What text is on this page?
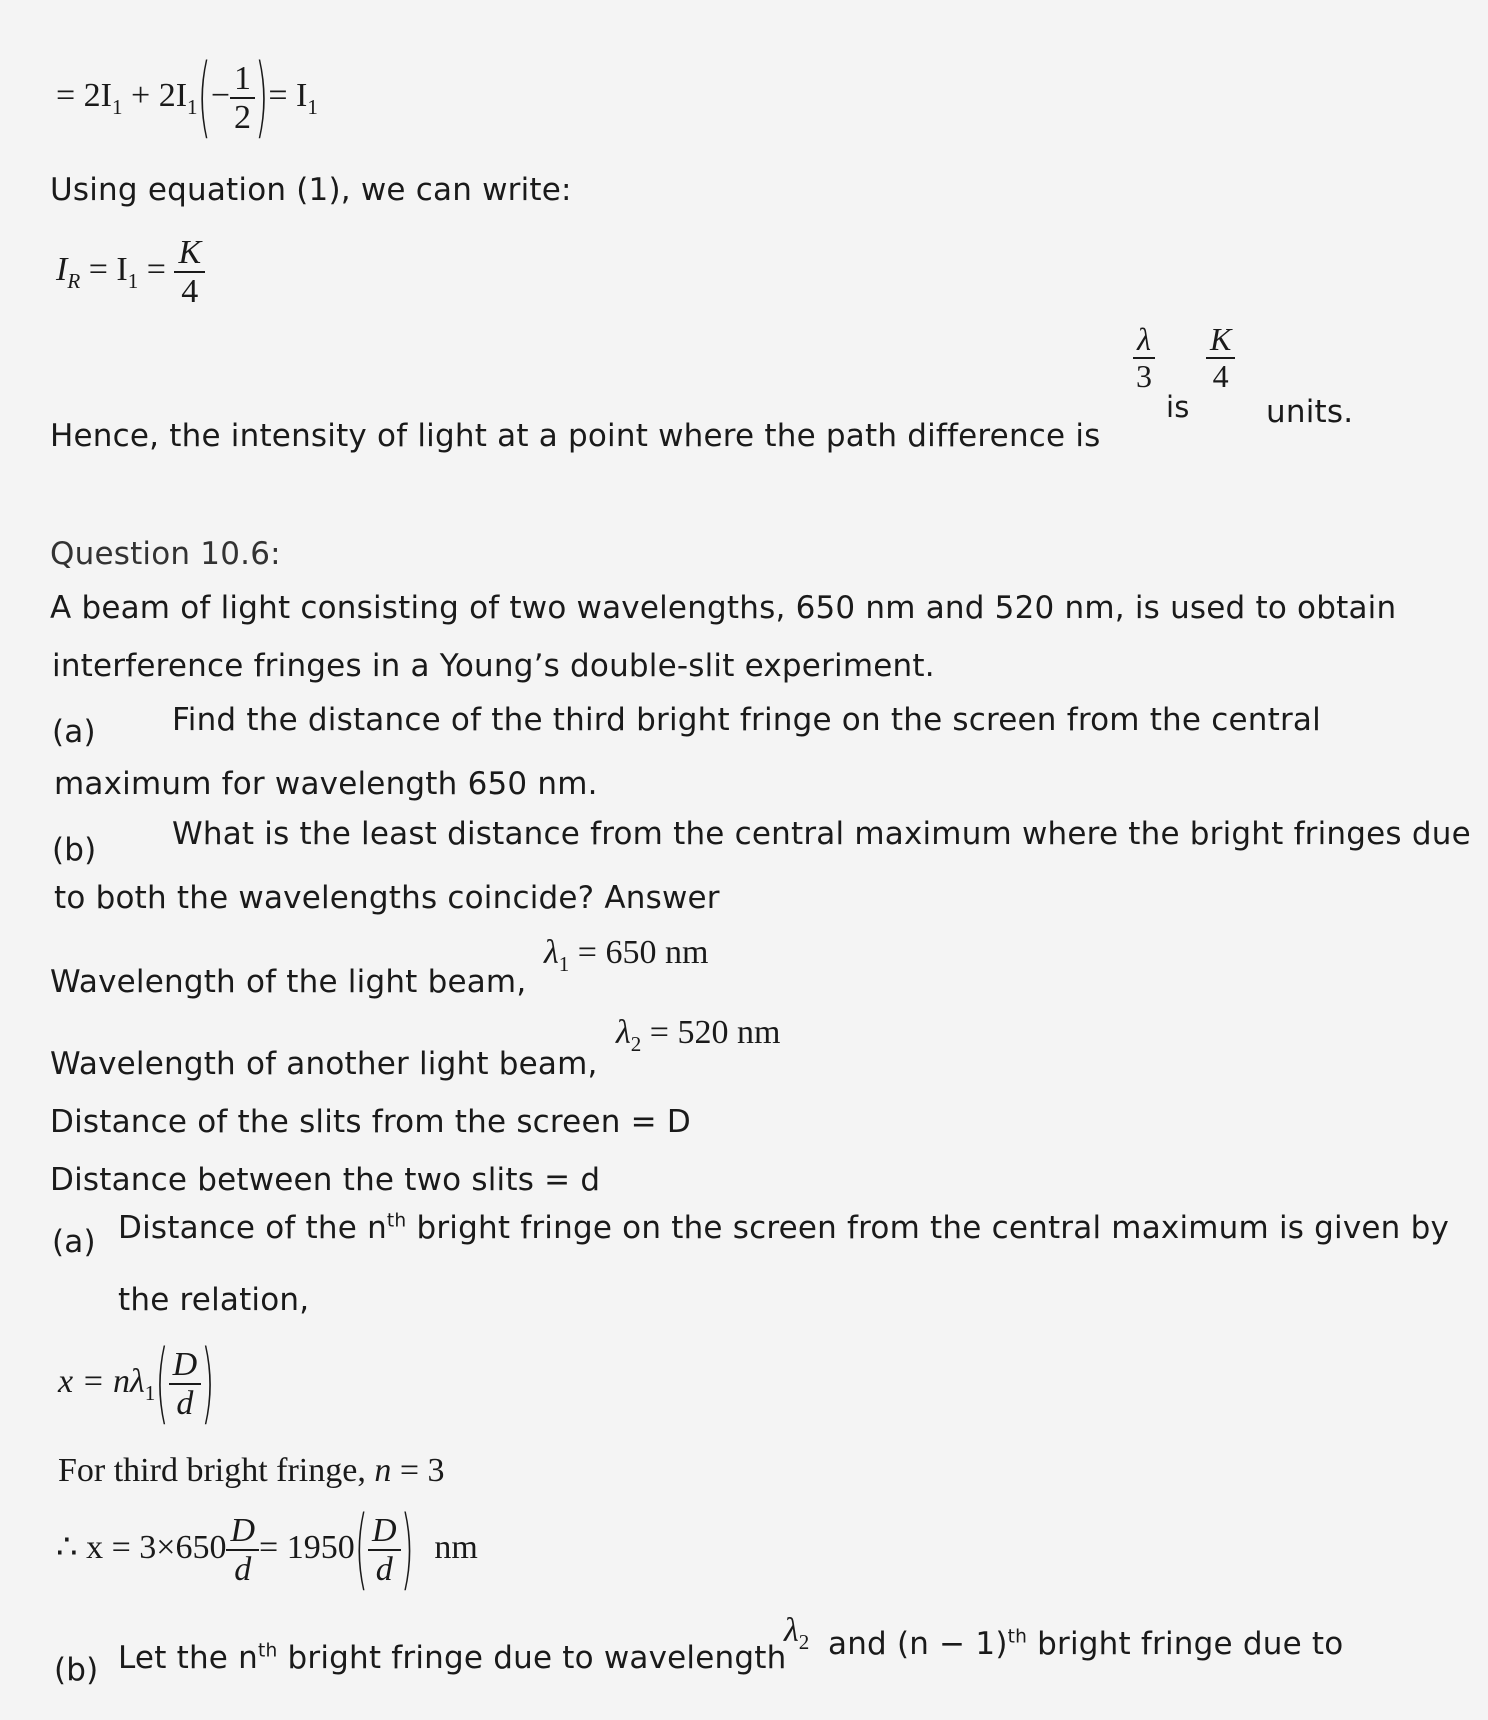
= $2I_1 + 2I_1(- \frac{1}{2}$ )= $I_1$
Using equation (1), we can write:
$I_R = I_1 = \frac{K}{4}$
Hence, the intensity of light at a point where the path difference is
$\frac{\lambda}{3}$
is
$\frac{K}{4}$
units.
Question 10.6:
A beam of light consisting of two wavelengths, 650 nm and 520 nm, is used to obtain
interference fringes in a Young’s double-slit experiment.
(a) Find the distance of the third bright fringe on the screen from the central
maximum for wavelength 650 nm.
(b) What is the least distance from the central maximum where the bright fringes due
to both the wavelengths coincide? Answer
Wavelength of the light beam,
$\lambda_1 = 650$ nm
Wavelength of another light beam,
$\lambda_2 = 520$ nm
Distance of the slits from the screen = D
Distance between the two slits = d
(a) Distance of the $n^{th}$ bright fringe on the screen from the central maximum is given by
the relation,
$x = n\lambda_1( \frac{D}{d}$ )
For third bright fringe, n = 3
∴ $x = 3\times 650 \frac{D}{d} = 1950( \frac{D}{d}$ ) nm
(b) Let the $n^{th}$ bright fringe due to wavelength
$\lambda_2$ and $(n - 1)^{th}$ bright fringe due to
